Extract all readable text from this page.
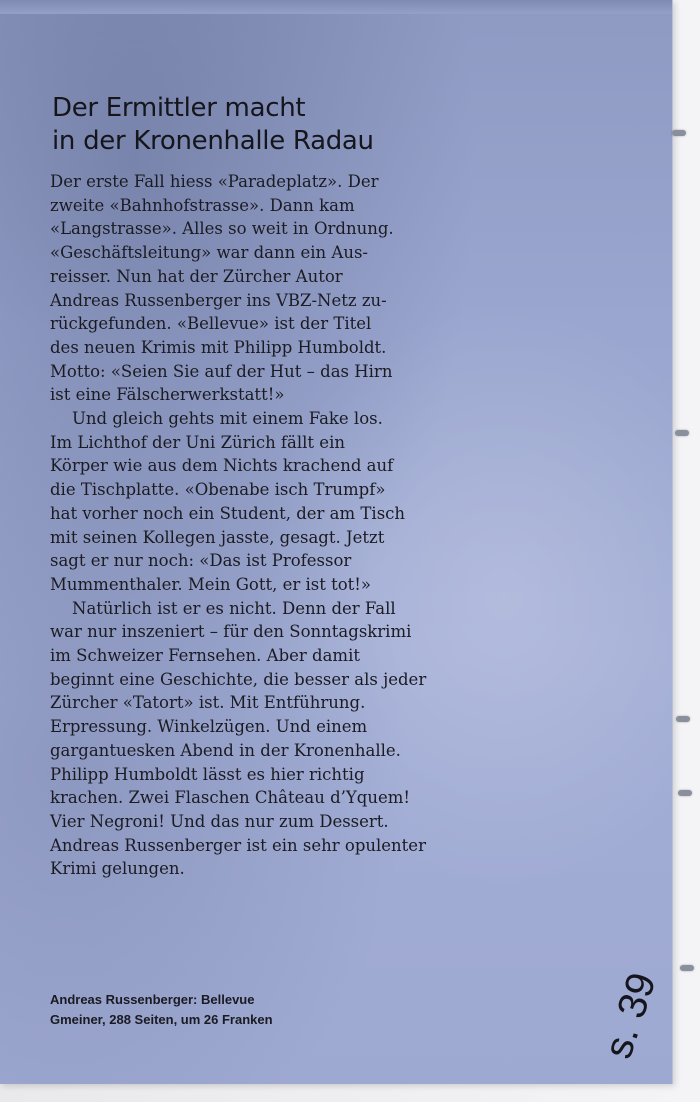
Der Ermittler macht
in der Kronenhalle Radau
Der erste Fall hiess «Paradeplatz». Der
zweite «Bahnhofstrasse». Dann kam
«Langstrasse». Alles so weit in Ordnung.
«Geschäftsleitung» war dann ein Aus-
reisser. Nun hat der Zürcher Autor
Andreas Russenberger ins VBZ-Netz zu-
rückgefunden. «Bellevue» ist der Titel
des neuen Krimis mit Philipp Humboldt.
Motto: «Seien Sie auf der Hut – das Hirn
ist eine Fälscherwerkstatt!»
Und gleich gehts mit einem Fake los.
Im Lichthof der Uni Zürich fällt ein
Körper wie aus dem Nichts krachend auf
die Tischplatte. «Obenabe isch Trumpf»
hat vorher noch ein Student, der am Tisch
mit seinen Kollegen jasste, gesagt. Jetzt
sagt er nur noch: «Das ist Professor
Mummenthaler. Mein Gott, er ist tot!»
Natürlich ist er es nicht. Denn der Fall
war nur inszeniert – für den Sonntagskrimi
im Schweizer Fernsehen. Aber damit
beginnt eine Geschichte, die besser als jeder
Zürcher «Tatort» ist. Mit Entführung.
Erpressung. Winkelzügen. Und einem
gargantuesken Abend in der Kronenhalle.
Philipp Humboldt lässt es hier richtig
krachen. Zwei Flaschen Château d’Yquem!
Vier Negroni! Und das nur zum Dessert.
Andreas Russenberger ist ein sehr opulenter
Krimi gelungen.
Andreas Russenberger: Bellevue
Gmeiner, 288 Seiten, um 26 Franken	s. 39
